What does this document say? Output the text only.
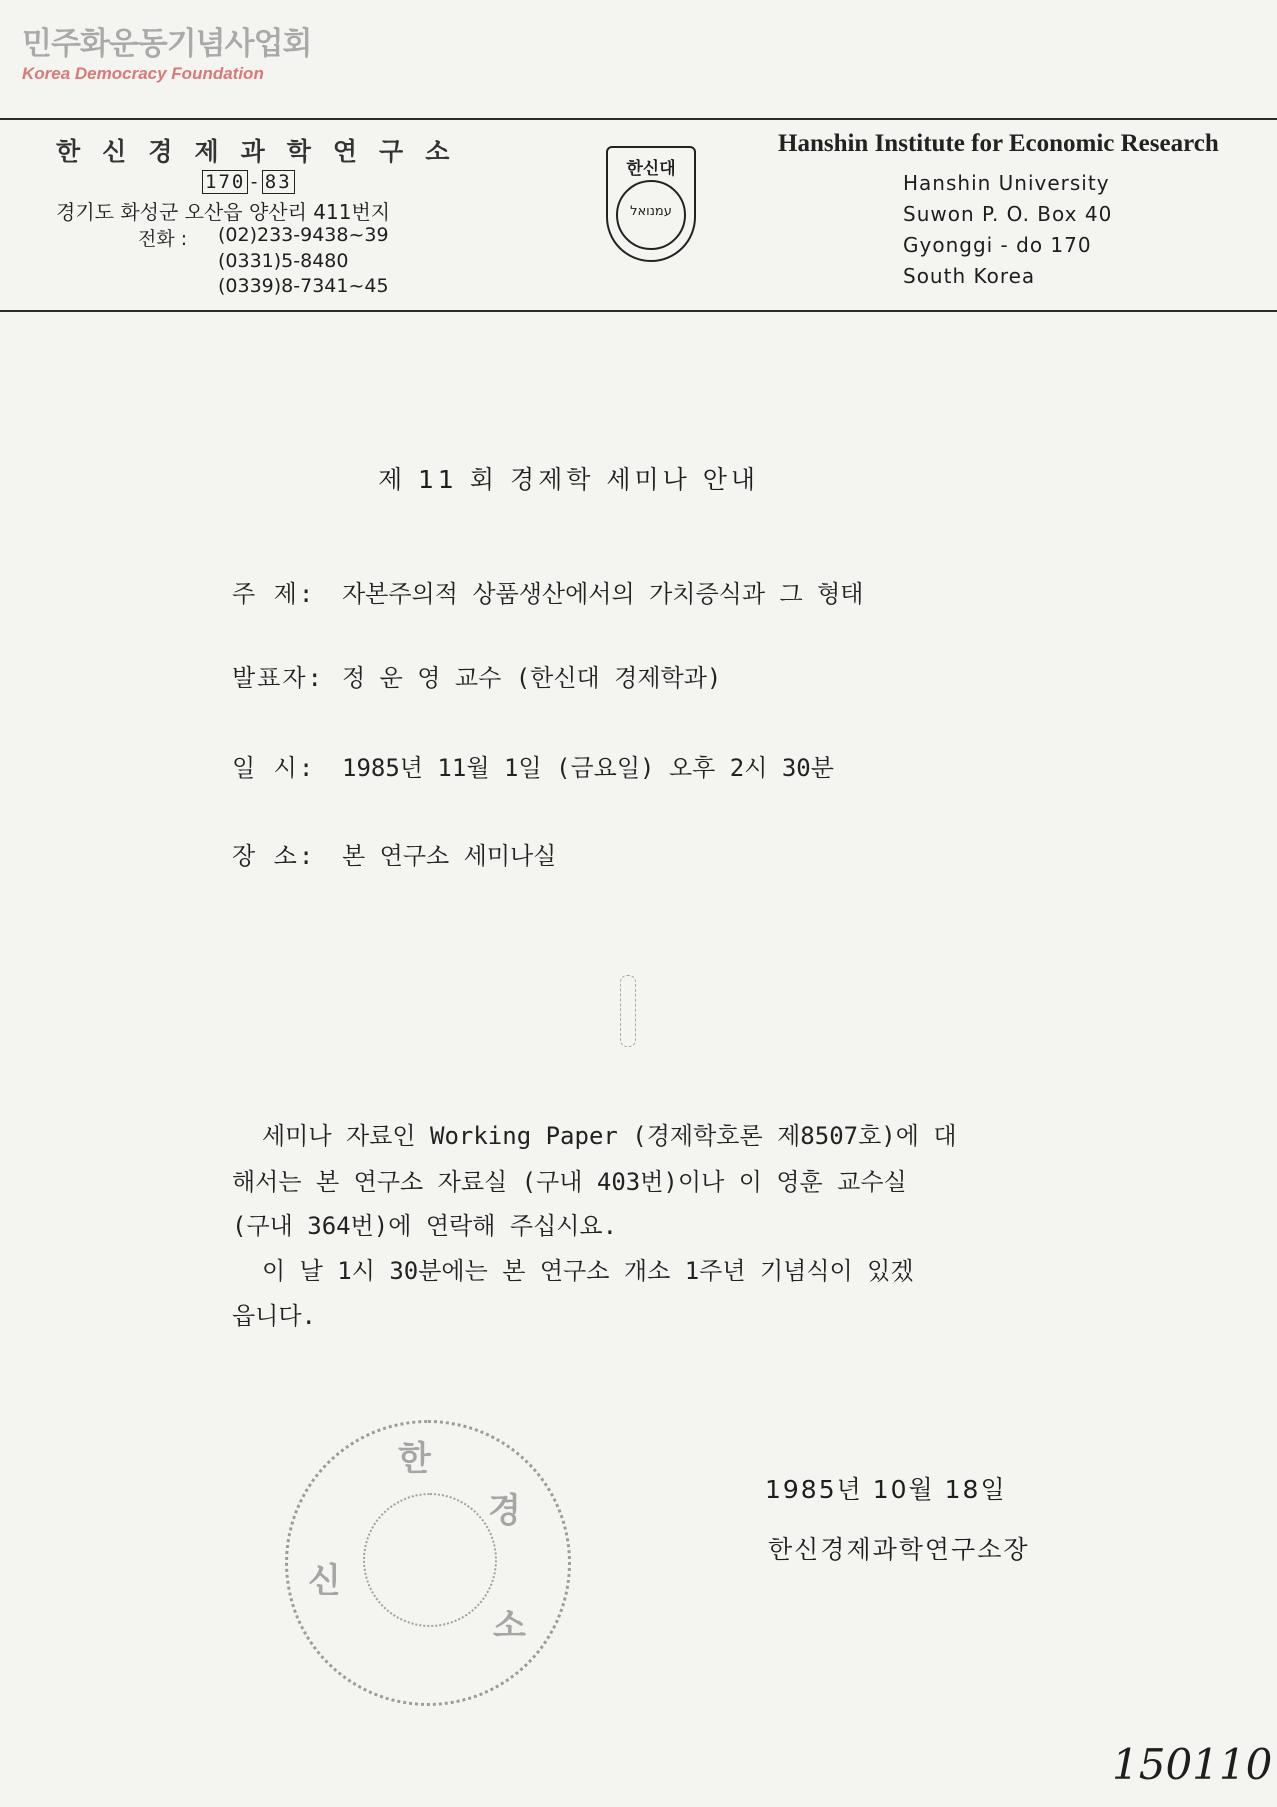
민주화운동기념사업회
Korea Democracy Foundation
한신경제과학연구소
170 - 83
경기도 화성군 오산읍 양산리 411번지
전화 : (02)233-9438~39
(0331)5-8480
(0339)8-7341~45
한신대
עמנואל
Hanshin Institute for Economic Research
Hanshin University
Suwon P. O. Box 40
Gyonggi - do 170
South Korea
제 11 회 경제학 세미나 안내
주 제: 자본주의적 상품생산에서의 가치증식과 그 형태
발표자: 정 운 영 교수 (한신대 경제학과)
일 시: 1985년 11월 1일 (금요일) 오후 2시 30분
장 소: 본 연구소 세미나실
세미나 자료인 Working Paper (경제학호론 제8507호)에 대
해서는 본 연구소 자료실 (구내 403번)이나 이 영훈 교수실
(구내 364번)에 연락해 주십시요.
이 날 1시 30분에는 본 연구소 개소 1주년 기념식이 있겠
읍니다.
한
경
신
소
1985년 10월 18일
한신경제과학연구소장
150110
